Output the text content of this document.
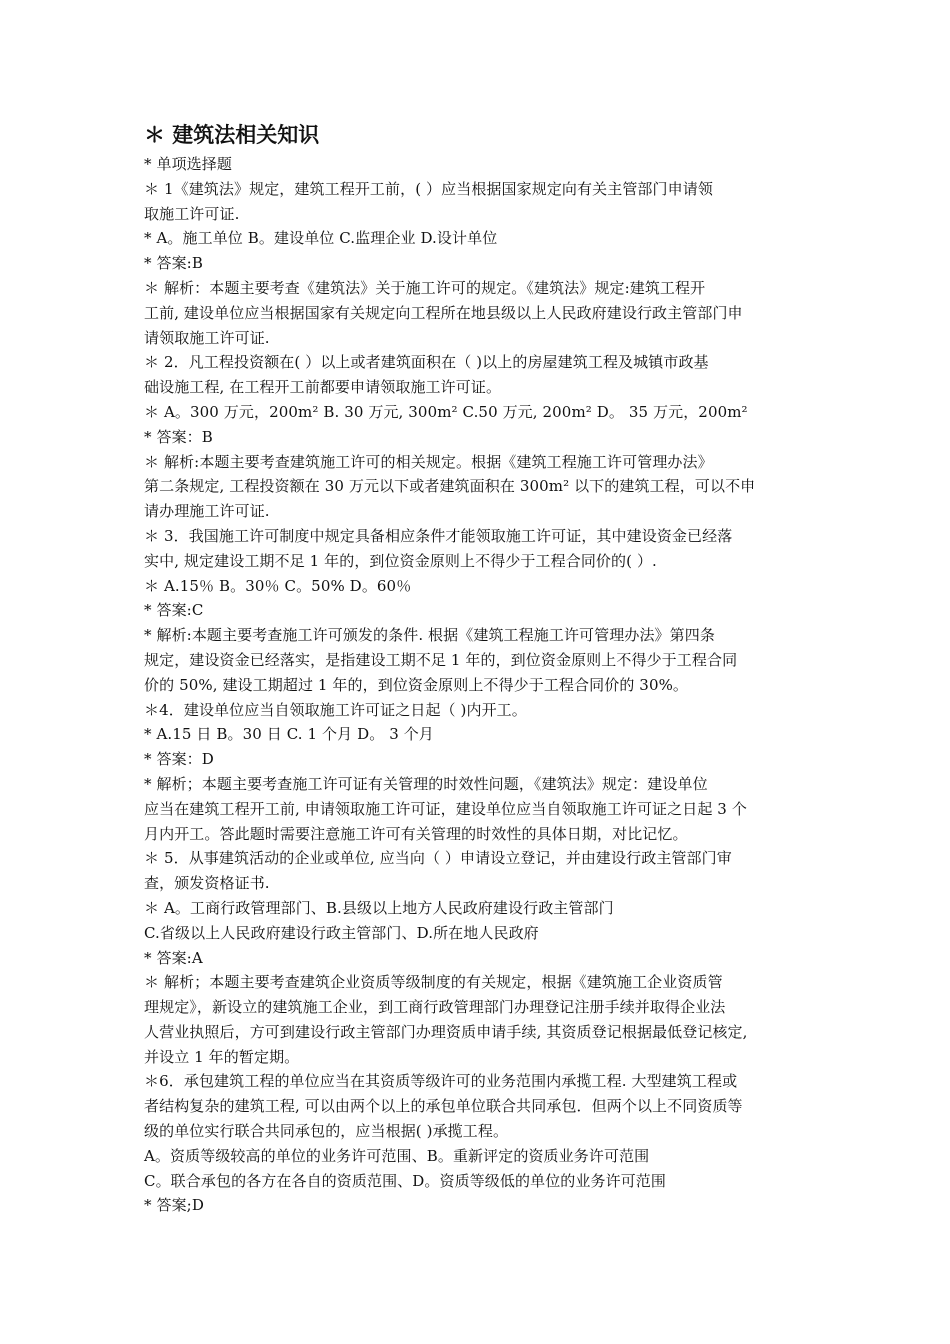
＊ 建筑法相关知识
* 单项选择题
＊ 1《建筑法》规定，建筑工程开工前，( ）应当根据国家规定向有关主管部门申请领
取施工许可证.
* A。施工单位 B。建设单位 C.监理企业 D.设计单位
* 答案:B
＊ 解析：本题主要考查《建筑法》关于施工许可的规定。《建筑法》规定:建筑工程开
工前, 建设单位应当根据国家有关规定向工程所在地县级以上人民政府建设行政主管部门申
请领取施工许可证.
＊ 2．凡工程投资额在( ）以上或者建筑面积在（ )以上的房屋建筑工程及城镇市政基
础设施工程, 在工程开工前都要申请领取施工许可证。
＊ A。300 万元，200m² B. 30 万元, 300m² C.50 万元, 200m² D。 35 万元，200m²
* 答案：B
＊ 解析:本题主要考查建筑施工许可的相关规定。根据《建筑工程施工许可管理办法》
第二条规定, 工程投资额在 30 万元以下或者建筑面积在 300m² 以下的建筑工程，可以不申
请办理施工许可证.
＊ 3．我国施工许可制度中规定具备相应条件才能领取施工许可证，其中建设资金已经落
实中, 规定建设工期不足 1 年的，到位资金原则上不得少于工程合同价的( ）.
＊ A.15％ B。30％ C。50% D。60％
* 答案:C
* 解析:本题主要考查施工许可颁发的条件. 根据《建筑工程施工许可管理办法》第四条
规定，建设资金已经落实，是指建设工期不足 1 年的，到位资金原则上不得少于工程合同
价的 50%, 建设工期超过 1 年的，到位资金原则上不得少于工程合同价的 30%。
＊4．建设单位应当自领取施工许可证之日起（ )内开工。
* A.15 日 B。30 日 C. 1 个月 D。 3 个月
* 答案：D
* 解析；本题主要考查施工许可证有关管理的时效性问题，《建筑法》规定：建设单位
应当在建筑工程开工前, 申请领取施工许可证，建设单位应当自领取施工许可证之日起 3 个
月内开工。答此题时需要注意施工许可有关管理的时效性的具体日期，对比记忆。
＊ 5．从事建筑活动的企业或单位, 应当向（ ）申请设立登记，并由建设行政主管部门审
查，颁发资格证书.
＊ A。工商行政管理部门、B.县级以上地方人民政府建设行政主管部门
C.省级以上人民政府建设行政主管部门、D.所在地人民政府
* 答案:A
＊ 解析；本题主要考查建筑企业资质等级制度的有关规定，根据《建筑施工企业资质管
理规定》，新设立的建筑施工企业，到工商行政管理部门办理登记注册手续并取得企业法
人营业执照后，方可到建设行政主管部门办理资质申请手续, 其资质登记根据最低登记核定,
并设立 1 年的暂定期。
＊6．承包建筑工程的单位应当在其资质等级许可的业务范围内承揽工程. 大型建筑工程或
者结构复杂的建筑工程, 可以由两个以上的承包单位联合共同承包．但两个以上不同资质等
级的单位实行联合共同承包的，应当根据( )承揽工程。
A。资质等级较高的单位的业务许可范围、B。重新评定的资质业务许可范围
C。联合承包的各方在各自的资质范围、D。资质等级低的单位的业务许可范围
* 答案;D
